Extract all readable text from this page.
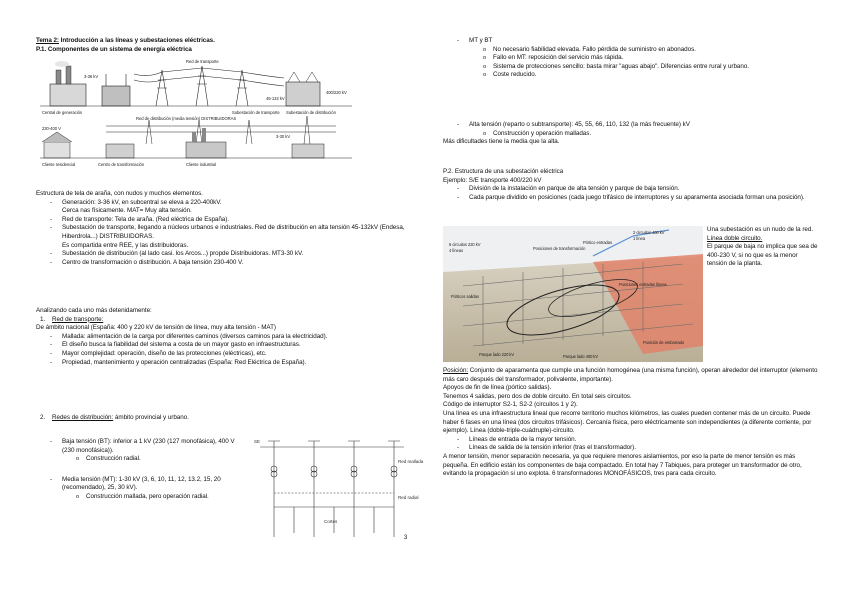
Tema 2: Introducción a las líneas y subestaciones eléctricas.

P.1. Componentes de un sistema de energía eléctrica

Red de transporte
Red de distribución (media tensión) DISTRIBUIDORAS
Central de generación	Subestación de transporte Subestación de distribución
Centro de transformación
Cliente residencial	Cliente industrial
3-36 kV
400/220 kV
45-132 kV
3-30 kV
230-400 V

Estructura de tela de araña, con nudos y muchos elementos.

- Generación: 3-36 kV, en subcentral se eleva a 220-400kV.
Cerca nas físicamente. MAT= Muy alta tensión.
- Red de transporte: Tela de araña. (Red eléctrica de España).
- Subestación de transporte, llegando a núcleos urbanos e industriales. Red de distribución en alta tensión 45-132kV (Endesa, Hiberdrola...) DISTRIBUIDORAS.
Es compartida entre REE, y las distribuidoras.
- Subestación de distribución (al lado casi. los Arcos...) propde Distribuidoras. MT3-30 kV.
- Centro de transformación o distribución. A baja tensión 230-400 V.

Analizando cada uno más detenidamente:

1. Red de transporte:

De ámbito nacional (España: 400 y 220 kV de tensión de línea, muy alta tensión - MAT)

- Mallada: alimentación de la carga por diferentes caminos (diversos caminos para la electricidad).
- El diseño busca la fiabilidad del sistema a costa de un mayor gasto en infraestructuras.
- Mayor complejidad: operación, diseño de las protecciones (eléctricas), etc.
- Propiedad, mantenimiento y operación centralizadas (España: Red Eléctrica de España).
2. Redes de distribución: ámbito provincial y urbano.
- Baja tensión (BT): inferior a 1 kV (230 (127 monofásica), 400 V (230 monofásica)).
o Construcción radial.
- Media tensión (MT): 1-30 kV (3, 6, 10, 11, 12, 13.2, 15, 20 (recomendado), 25, 30 kV).
o Construcción mallada, pero operación radial.
SE
Red mallada
Red radial
Cortes
3
- MT y BT
o No necesario fiabilidad elevada. Fallo pérdida de suministro en abonados.
o Fallo en MT: reposición del servicio más rápida.
o Sistema de protecciones sencillo: basta mirar "aguas abajo". Diferencias entre rural y urbano.
o Coste reducido.
- Alta tensión (reparto o subtransporte): 45, 55, 66, 110, 132 (la más frecuente) kV
o Construcción y operación malladas.

Más dificultades tiene la media que la alta.

P.2. Estructura de una subestación eléctrica

Ejemplo: S/E transporte 400/220 kV

- División de la instalación en parque de alta tensión y parque de baja tensión.
- Cada parque dividido en posiciones (cada juego trifásico de interruptores y su aparamenta asociada forman una posición).
6 circuitos 220 kV
4 líneas
2 circuitos 400 kV
1 línea
Posiciones de transformación
Pórtico entradas
Posiciones entradas líneas
Pórticos salidas
Parque lado 220 kV	Parque lado 400 kV
Posición de embarrado

Una subestación es un nudo de la red.

Línea doble circuito.

El parque de baja no implica que sea de 400-230 V, si no que es la menor tensión de la planta.

Posición: Conjunto de aparamenta que cumple una función homogénea (una misma función), operan alrededor del interruptor (elemento más caro después del transformador, polivalente, importante).

Apoyos de fin de línea (pórtico salidas).

Tenemos 4 salidas, pero dos de doble circuito. En total seis circuitos.

Código de interruptor S2-1, S2-2 (circuitos 1 y 2).

Una línea es una infraestructura lineal que recorre territorio muchos kilómetros, las cuales pueden contener más de un circuito. Puede haber 6 fases en una línea (dos circuitos trifásicos). Cercanía física, pero eléctricamente son independientes (a diferente corriente, por ejemplo). Línea (doble-triple-cuádruple)-circuito.

- Líneas de entrada de la mayor tensión.
- Líneas de salida de la tensión inferior (tras el transformador).

A menor tensión, menor separación necesaria, ya que requiere menores aislamientos, por eso la parte de menor tensión es más pequeña. En edificio están los componentes de baja compactado. En total hay 7 Tabiques, para proteger un transformador de otro, evitando la propagación si uno explota. 6 transformadores MONOFÁSICOS, tres para cada circuito.
